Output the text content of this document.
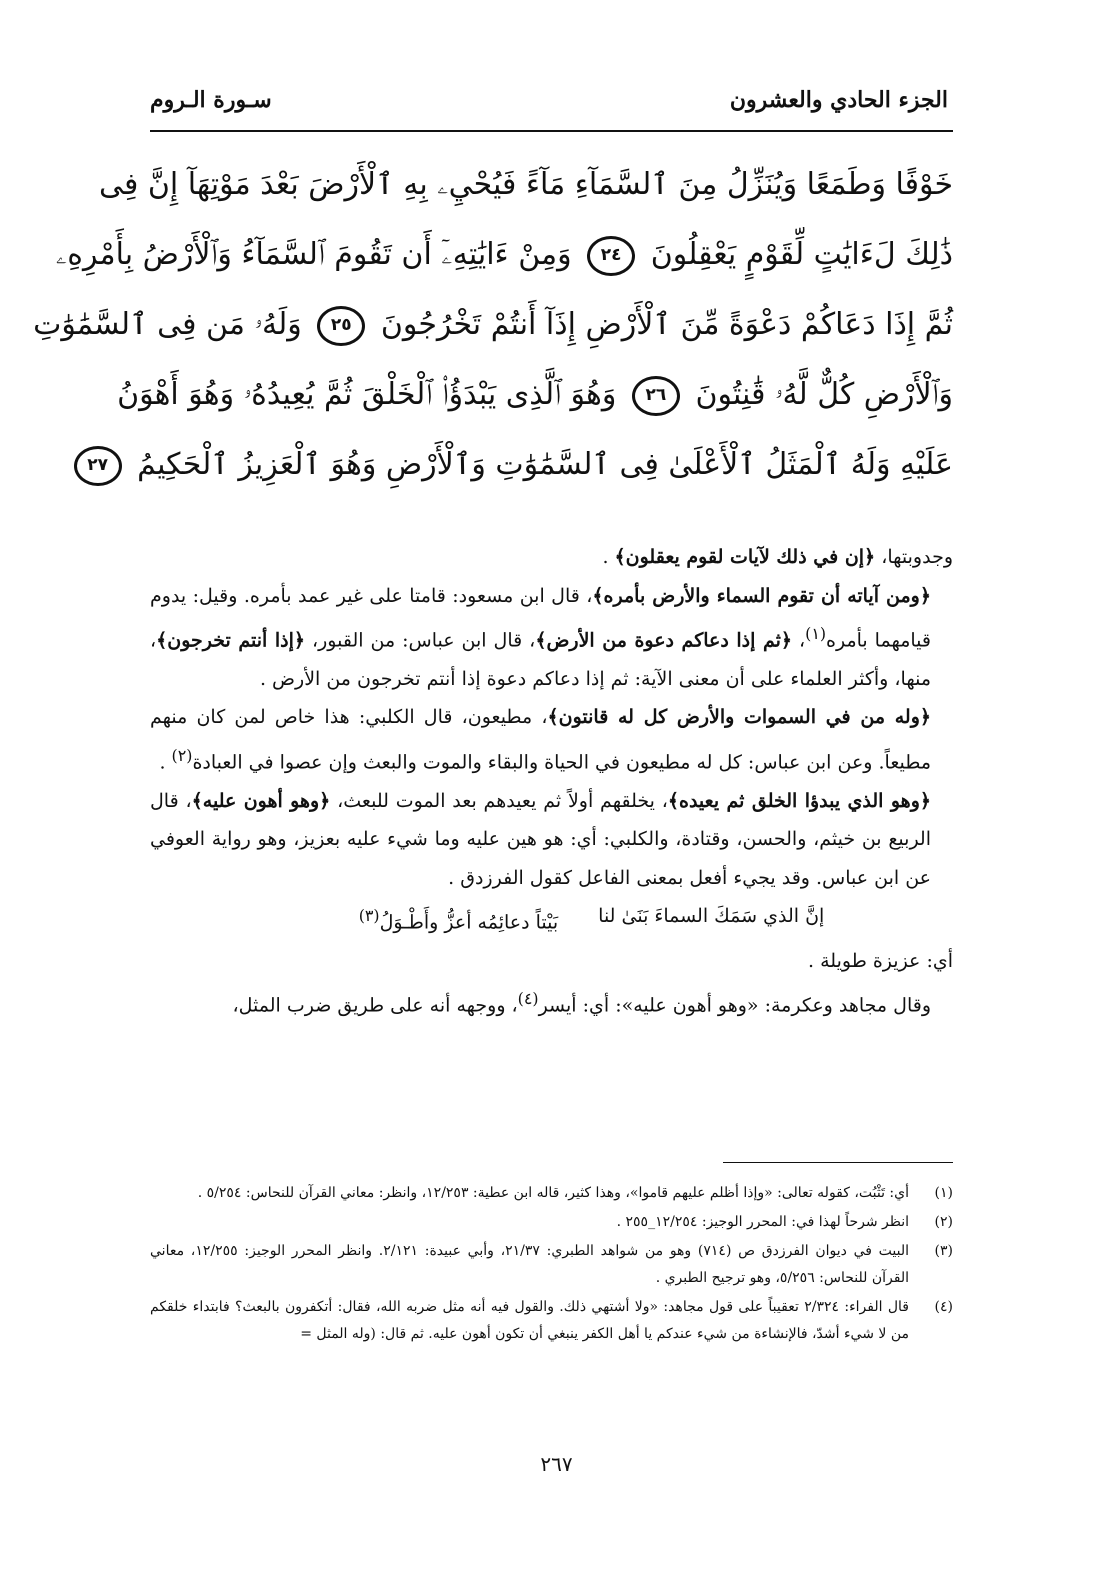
الجزء الحادي والعشرون
سـورة الـروم
خَوْفًا وَطَمَعًا وَيُنَزِّلُ مِنَ ٱلسَّمَآءِ مَآءً فَيُحْيِۦ بِهِ ٱلْأَرْضَ بَعْدَ مَوْتِهَآ إِنَّ فِى
ذَٰلِكَ لَءَايَٰتٍ لِّقَوْمٍ يَعْقِلُونَ ٢٤ وَمِنْ ءَايَٰتِهِۦٓ أَن تَقُومَ ٱلسَّمَآءُ وَٱلْأَرْضُ بِأَمْرِهِۦ
ثُمَّ إِذَا دَعَاكُمْ دَعْوَةً مِّنَ ٱلْأَرْضِ إِذَآ أَنتُمْ تَخْرُجُونَ ٢٥ وَلَهُۥ مَن فِى ٱلسَّمَٰوَٰتِ
وَٱلْأَرْضِ كُلٌّ لَّهُۥ قَٰنِتُونَ ٢٦ وَهُوَ ٱلَّذِى يَبْدَؤُا۟ ٱلْخَلْقَ ثُمَّ يُعِيدُهُۥ وَهُوَ أَهْوَنُ
عَلَيْهِ وَلَهُ ٱلْمَثَلُ ٱلْأَعْلَىٰ فِى ٱلسَّمَٰوَٰتِ وَٱلْأَرْضِ وَهُوَ ٱلْعَزِيزُ ٱلْحَكِيمُ ٢٧

وجدوبتها، ﴿إن في ذلك لآيات لقوم يعقلون﴾ .

﴿ومن آياته أن تقوم السماء والأرض بأمره﴾، قال ابن مسعود: قامتا على غير عمد بأمره. وقيل: يدوم قيامهما بأمره$^{(١)}$، ﴿ثم إذا دعاكم دعوة من الأرض﴾، قال ابن عباس: من القبور، ﴿إذا أنتم تخرجون﴾، منها، وأكثر العلماء على أن معنى الآية: ثم إذا دعاكم دعوة إذا أنتم تخرجون من الأرض .

﴿وله من في السموات والأرض كل له قانتون﴾، مطيعون، قال الكلبي: هذا خاص لمن كان منهم مطيعاً. وعن ابن عباس: كل له مطيعون في الحياة والبقاء والموت والبعث وإن عصوا في العبادة$^{(٢)}$ .

﴿وهو الذي يبدؤا الخلق ثم يعيده﴾، يخلقهم أولاً ثم يعيدهم بعد الموت للبعث، ﴿وهو أهون عليه﴾، قال الربيع بن خيثم، والحسن، وقتادة، والكلبي: أي: هو هين عليه وما شيء عليه بعزيز، وهو رواية العوفي عن ابن عباس. وقد يجيء أفعل بمعنى الفاعل كقول الفرزدق .

إنَّ الذي سَمَكَ السماءَ بَنَىٰ لنا
بَيْتاً دعائِمُه أعزُّ وأَطْـوَلُ$^{(٣)}$

أي: عزيزة طويلة .

وقال مجاهد وعكرمة: «وهو أهون عليه»: أي: أيسر$^{(٤)}$، ووجهه أنه على طريق ضرب المثل،

(١)
أي: تَثْبُت، كقوله تعالى: «وإذا أظلم عليهم قاموا»، وهذا كثير، قاله ابن عطية: ١٢/٢٥٣، وانظر: معاني القرآن للنحاس: ٥/٢٥٤ .
(٢)
انظر شرحاً لهذا في: المحرر الوجيز: ١٢/٢٥٤_٢٥٥ .
(٣)
البيت في ديوان الفرزدق ص (٧١٤) وهو من شواهد الطبري: ٢١/٣٧، وأبي عبيدة: ٢/١٢١. وانظر المحرر الوجيز: ١٢/٢٥٥، معاني القرآن للنحاس: ٥/٢٥٦، وهو ترجيح الطبري .
(٤)
قال الفراء: ٢/٣٢٤ تعقيباً على قول مجاهد: «ولا أشتهي ذلك. والقول فيه أنه مثل ضربه الله، فقال: أتكفرون بالبعث؟ فابتداء خلقكم من لا شيء أشدّ، فالإنشاءة من شيء عندكم يا أهل الكفر ينبغي أن تكون أهون عليه. ثم قال: (وله المثل =
٢٦٧
